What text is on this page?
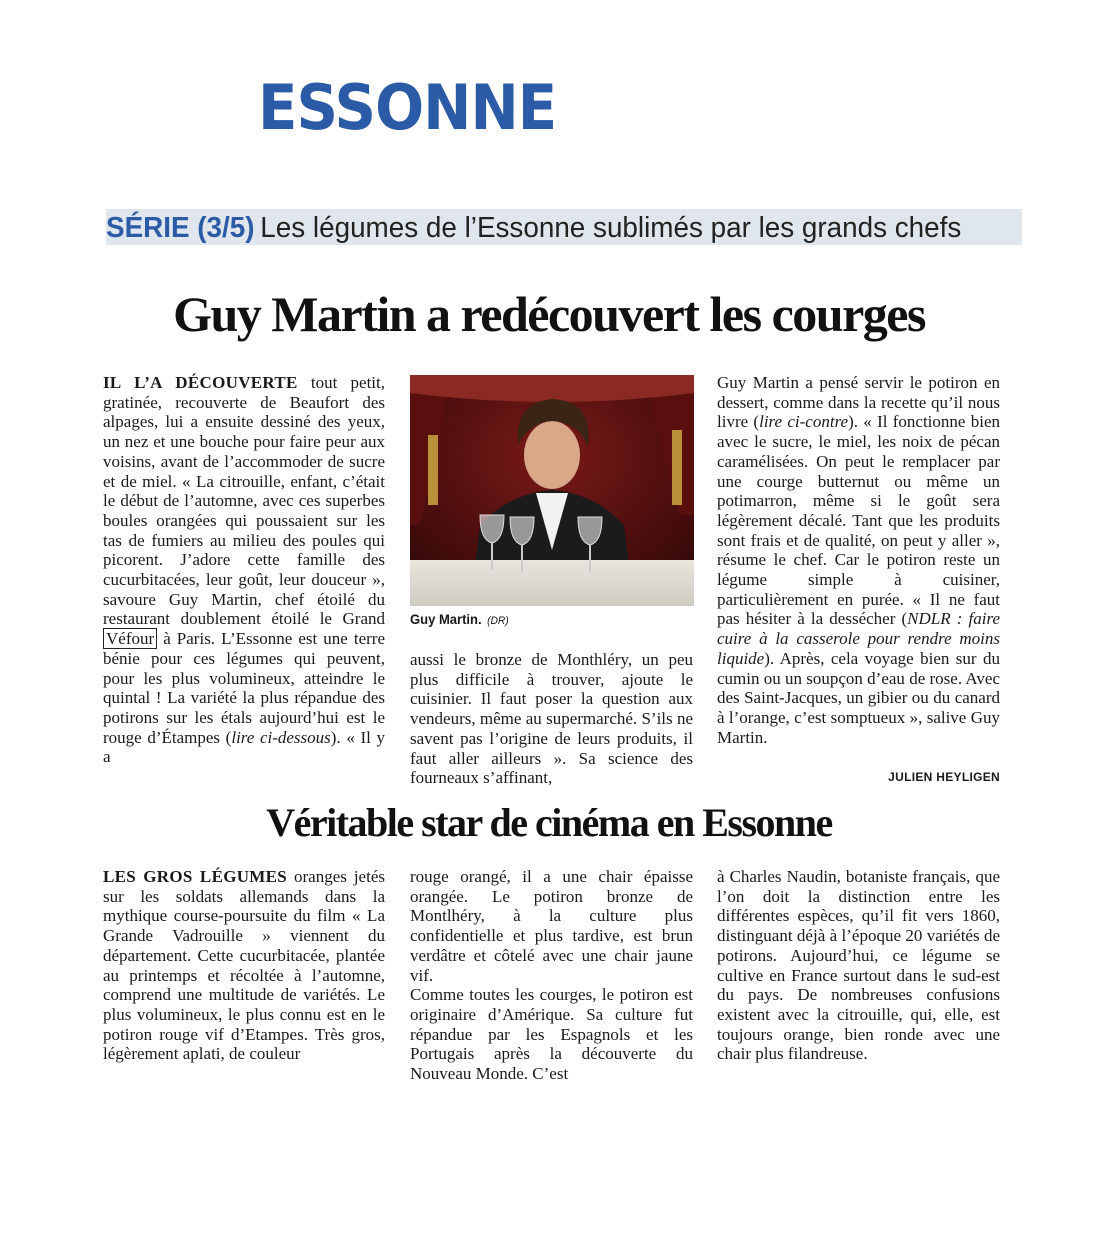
ESSONNE
SÉRIE (3/5) Les légumes de l’Essonne sublimés par les grands chefs
Guy Martin a redécouvert les courges

IL L’A DÉCOUVERTE tout petit, gratinée, recouverte de Beaufort des alpages, lui a ensuite dessiné des yeux, un nez et une bouche pour faire peur aux voisins, avant de l’accommoder de sucre et de miel. « La citrouille, enfant, c’était le début de l’automne, avec ces superbes boules orangées qui poussaient sur les tas de fumiers au milieu des poules qui picorent. J’adore cette famille des cucurbitacées, leur goût, leur douceur », savoure Guy Martin, chef étoilé du restaurant doublement étoilé le Grand Véfour à Paris. L’Essonne est une terre bénie pour ces légumes qui peuvent, pour les plus volumineux, atteindre le quintal ! La variété la plus répandue des potirons sur les étals aujourd’hui est le rouge d’Étampes (lire ci-dessous). « Il y a

Guy Martin. (DR)

aussi le bronze de Monthléry, un peu plus difficile à trouver, ajoute le cuisinier. Il faut poser la question aux vendeurs, même au supermarché. S’ils ne savent pas l’origine de leurs produits, il faut aller ailleurs ». Sa science des fourneaux s’affinant,

Guy Martin a pensé servir le potiron en dessert, comme dans la recette qu’il nous livre (lire ci-contre). « Il fonctionne bien avec le sucre, le miel, les noix de pécan caramélisées. On peut le remplacer par une courge butternut ou même un potimarron, même si le goût sera légèrement décalé. Tant que les produits sont frais et de qualité, on peut y aller », résume le chef. Car le potiron reste un légume simple à cuisiner, particulièrement en purée. « Il ne faut pas hésiter à la dessécher (NDLR : faire cuire à la casserole pour rendre moins liquide). Après, cela voyage bien sur du cumin ou un soupçon d’eau de rose. Avec des Saint-Jacques, un gibier ou du canard à l’orange, c’est somptueux », salive Guy Martin.

JULIEN HEYLIGEN
Véritable star de cinéma en Essonne

LES GROS LÉGUMES oranges jetés sur les soldats allemands dans la mythique course-poursuite du film « La Grande Vadrouille » viennent du département. Cette cucurbitacée, plantée au printemps et récoltée à l’automne, comprend une multitude de variétés. Le plus volumineux, le plus connu est en le potiron rouge vif d’Etampes. Très gros, légèrement aplati, de couleur

rouge orangé, il a une chair épaisse orangée. Le potiron bronze de Montlhéry, à la culture plus confidentielle et plus tardive, est brun verdâtre et côtelé avec une chair jaune vif.

Comme toutes les courges, le potiron est originaire d’Amérique. Sa culture fut répandue par les Espagnols et les Portugais après la découverte du Nouveau Monde. C’est

à Charles Naudin, botaniste français, que l’on doit la distinction entre les différentes espèces, qu’il fit vers 1860, distinguant déjà à l’époque 20 variétés de potirons. Aujourd’hui, ce légume se cultive en France surtout dans le sud-est du pays. De nombreuses confusions existent avec la citrouille, qui, elle, est toujours orange, bien ronde avec une chair plus filandreuse.
